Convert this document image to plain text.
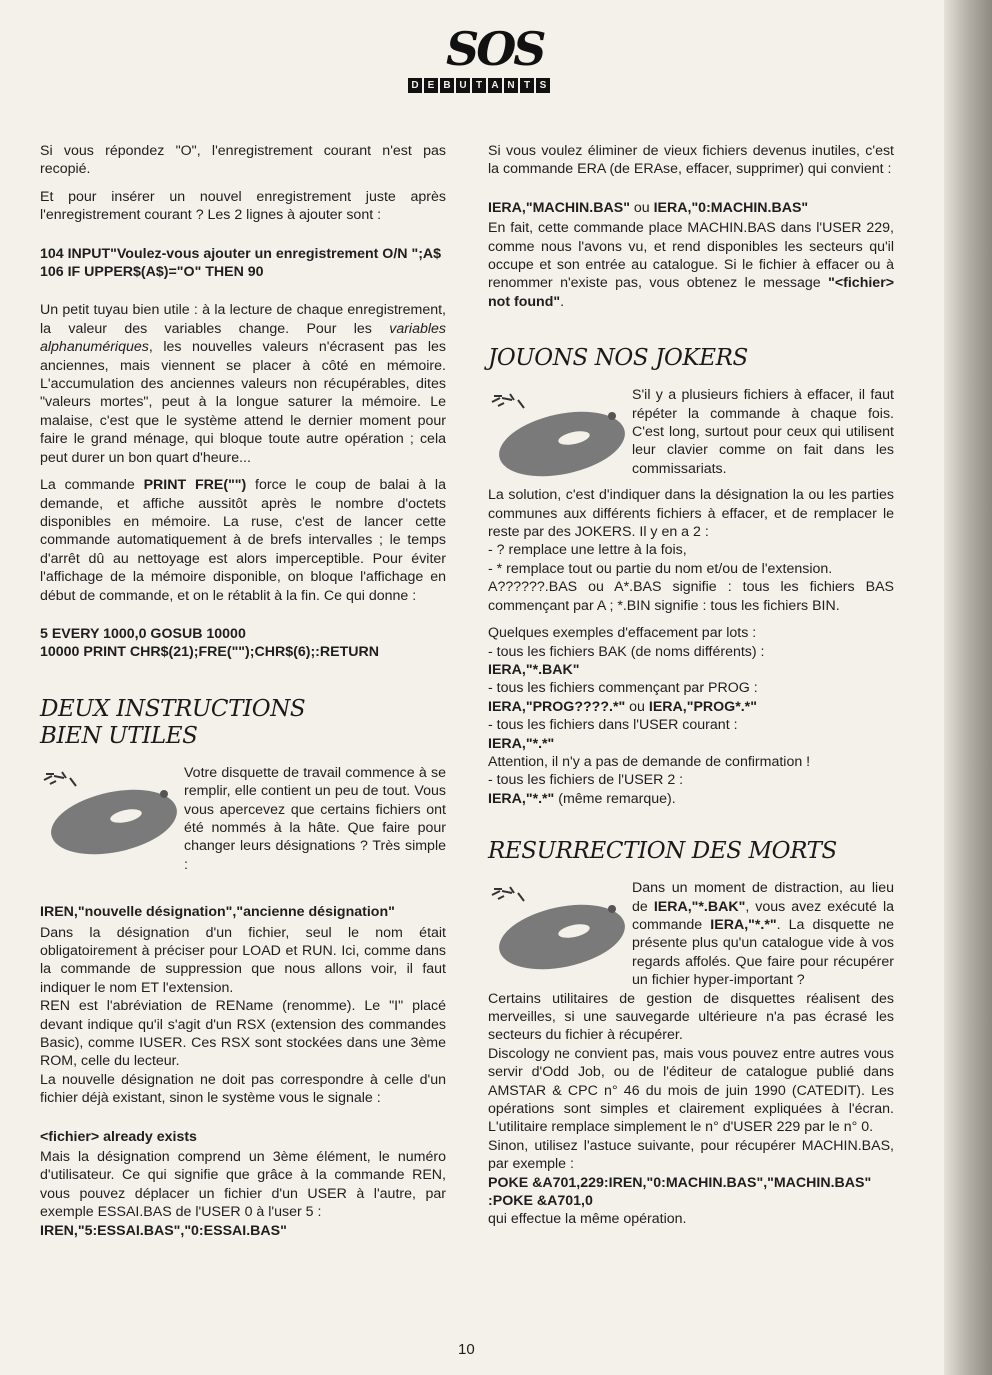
SOS
D E B U T A N T S

Si vous répondez "O", l'enregistrement courant n'est pas recopié.

Et pour insérer un nouvel enregistrement juste après l'enregistrement courant ? Les 2 lignes à ajouter sont :

104 INPUT"Voulez-vous ajouter un enregistrement O/N ";A$
106 IF UPPER$(A$)="O" THEN 90

Un petit tuyau bien utile : à la lecture de chaque enregistrement, la valeur des variables change. Pour les variables alphanumériques, les nouvelles valeurs n'écrasent pas les anciennes, mais viennent se placer à côté en mémoire. L'accumulation des anciennes valeurs non récupérables, dites "valeurs mortes", peut à la longue saturer la mémoire. Le malaise, c'est que le système attend le dernier moment pour faire le grand ménage, qui bloque toute autre opération ; cela peut durer un bon quart d'heure...

La commande PRINT FRE("") force le coup de balai à la demande, et affiche aussitôt après le nombre d'octets disponibles en mémoire. La ruse, c'est de lancer cette commande automatiquement à de brefs intervalles ; le temps d'arrêt dû au nettoyage est alors imperceptible. Pour éviter l'affichage de la mémoire disponible, on bloque l'affichage en début de commande, et on le rétablit à la fin. Ce qui donne :

5 EVERY 1000,0 GOSUB 10000
10000 PRINT CHR$(21);FRE("");CHR$(6);:RETURN
DEUX INSTRUCTIONS
BIEN UTILES

Votre disquette de travail commence à se remplir, elle contient un peu de tout. Vous vous apercevez que certains fichiers ont été nommés à la hâte. Que faire pour changer leurs désignations ? Très simple :

IREN,"nouvelle désignation","ancienne désignation"

Dans la désignation d'un fichier, seul le nom était obligatoirement à préciser pour LOAD et RUN. Ici, comme dans la commande de suppression que nous allons voir, il faut indiquer le nom ET l'extension.

REN est l'abréviation de REName (renomme). Le "I" placé devant indique qu'il s'agit d'un RSX (extension des commandes Basic), comme IUSER. Ces RSX sont stockées dans une 3ème ROM, celle du lecteur.

La nouvelle désignation ne doit pas correspondre à celle d'un fichier déjà existant, sinon le système vous le signale :

<fichier> already exists

Mais la désignation comprend un 3ème élément, le numéro d'utilisateur. Ce qui signifie que grâce à la commande REN, vous pouvez déplacer un fichier d'un USER à l'autre, par exemple ESSAI.BAS de l'USER 0 à l'user 5 :

IREN,"5:ESSAI.BAS","0:ESSAI.BAS"

Si vous voulez éliminer de vieux fichiers devenus inutiles, c'est la commande ERA (de ERAse, effacer, supprimer) qui convient :

IERA,"MACHIN.BAS" ou IERA,"0:MACHIN.BAS"

En fait, cette commande place MACHIN.BAS dans l'USER 229, comme nous l'avons vu, et rend disponibles les secteurs qu'il occupe et son entrée au catalogue. Si le fichier à effacer ou à renommer n'existe pas, vous obtenez le message "<fichier> not found".

JOUONS NOS JOKERS

S'il y a plusieurs fichiers à effacer, il faut répéter la commande à chaque fois. C'est long, surtout pour ceux qui utilisent leur clavier comme on fait dans les commissariats.

La solution, c'est d'indiquer dans la désignation la ou les parties communes aux différents fichiers à effacer, et de remplacer le reste par des JOKERS. Il y en a 2 :

- ? remplace une lettre à la fois,
- * remplace tout ou partie du nom et/ou de l'extension.

A??????.BAS ou A*.BAS signifie : tous les fichiers BAS commençant par A ; *.BIN signifie : tous les fichiers BIN.

Quelques exemples d'effacement par lots :
- tous les fichiers BAK (de noms différents) :
IERA,"*.BAK"
- tous les fichiers commençant par PROG :
IERA,"PROG????.*" ou IERA,"PROG*.*"
- tous les fichiers dans l'USER courant :
IERA,"*.*"
Attention, il n'y a pas de demande de confirmation !
- tous les fichiers de l'USER 2 :
IERA,"*.*" (même remarque).
RESURRECTION DES MORTS

Dans un moment de distraction, au lieu de IERA,"*.BAK", vous avez exécuté la commande IERA,"*.*". La disquette ne présente plus qu'un catalogue vide à vos regards affolés. Que faire pour récupérer un fichier hyper-important ?

Certains utilitaires de gestion de disquettes réalisent des merveilles, si une sauvegarde ultérieure n'a pas écrasé les secteurs du fichier à récupérer.

Discology ne convient pas, mais vous pouvez entre autres vous servir d'Odd Job, ou de l'éditeur de catalogue publié dans AMSTAR & CPC n° 46 du mois de juin 1990 (CATEDIT). Les opérations sont simples et clairement expliquées à l'écran. L'utilitaire remplace simplement le n° d'USER 229 par le n° 0.

Sinon, utilisez l'astuce suivante, pour récupérer MACHIN.BAS, par exemple :

POKE &A701,229:IREN,"0:MACHIN.BAS","MACHIN.BAS"
:POKE &A701,0

qui effectue la même opération.

10
